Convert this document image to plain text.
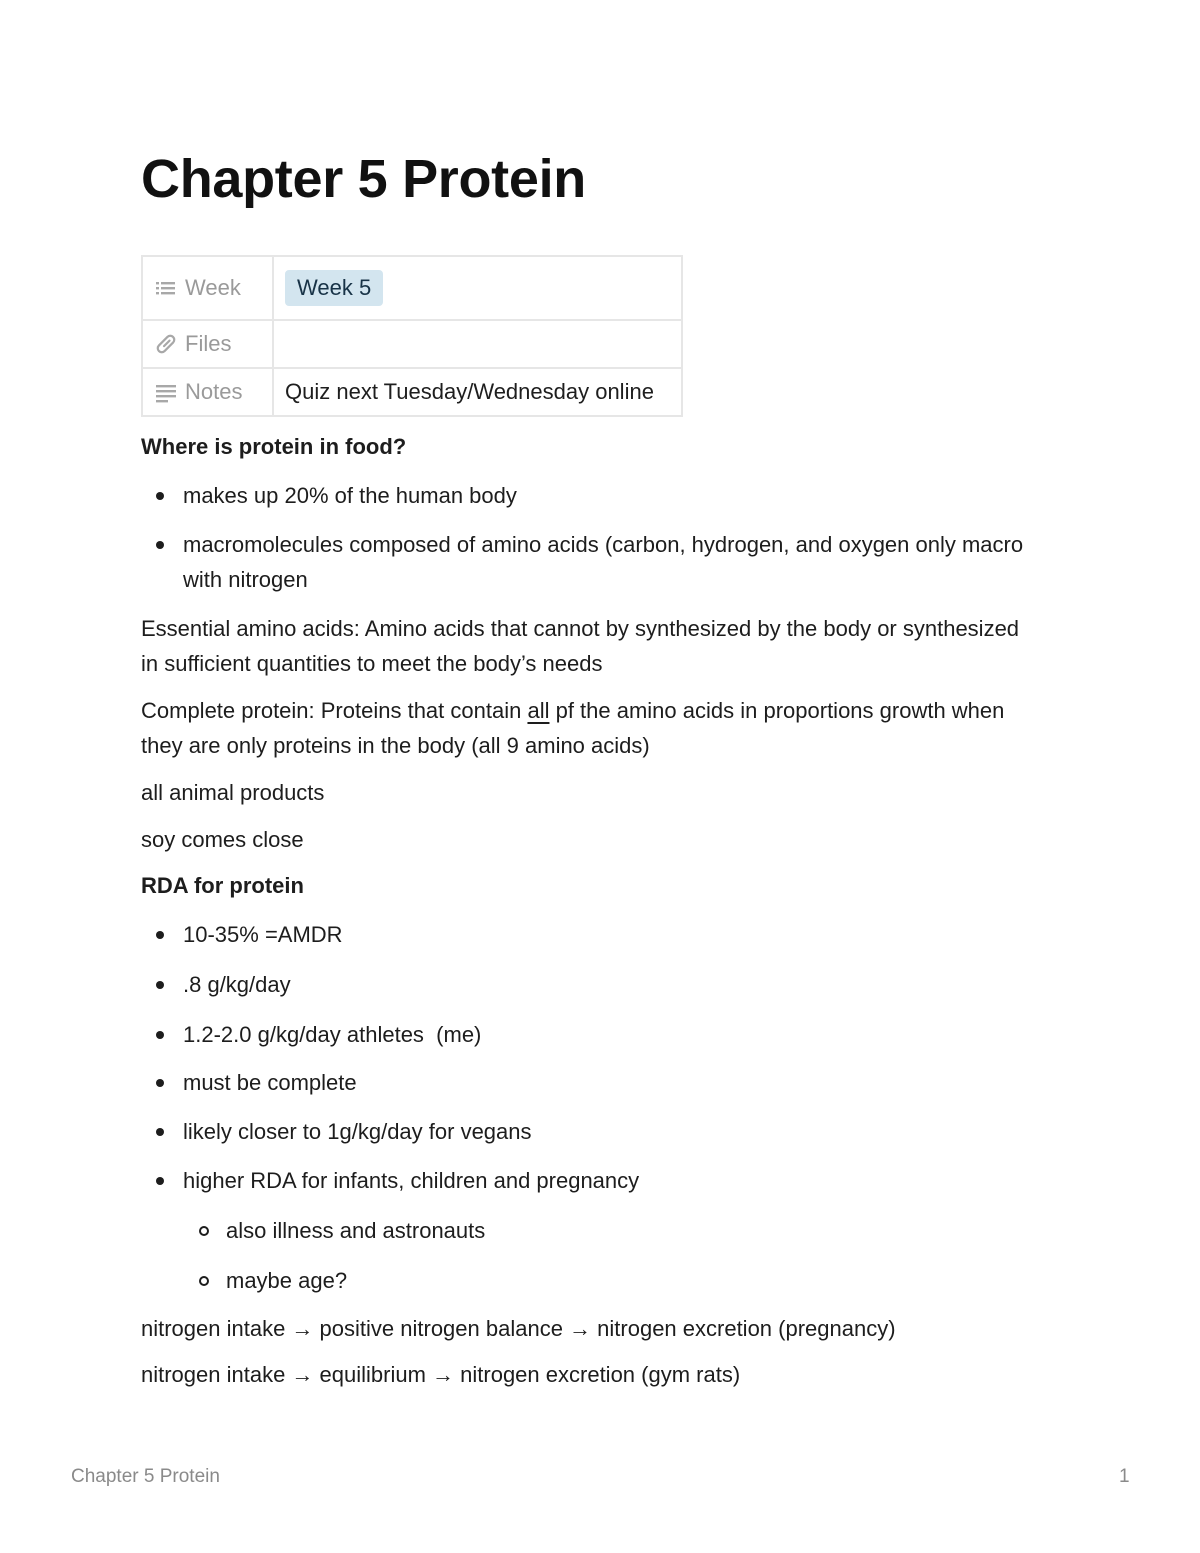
Chapter 5 Protein
Week	Week 5
Files	
Notes	Quiz next Tuesday/Wednesday online

Where is protein in food?

makes up 20% of the human body
macromolecules composed of amino acids (carbon, hydrogen, and oxygen only macro with nitrogen

Essential amino acids: Amino acids that cannot by synthesized by the body or synthesized in sufficient quantities to meet the body’s needs

Complete protein: Proteins that contain all pf the amino acids in proportions growth when they are only proteins in the body (all 9 amino acids)

all animal products

soy comes close

RDA for protein

10-35% =AMDR
.8 g/kg/day
1.2-2.0 g/kg/day athletes  (me)
must be complete
likely closer to 1g/kg/day for vegans
higher RDA for infants, children and pregnancy
also illness and astronauts
maybe age?

nitrogen intake → positive nitrogen balance → nitrogen excretion (pregnancy)

nitrogen intake → equilibrium → nitrogen excretion (gym rats)

Chapter 5 Protein	1
